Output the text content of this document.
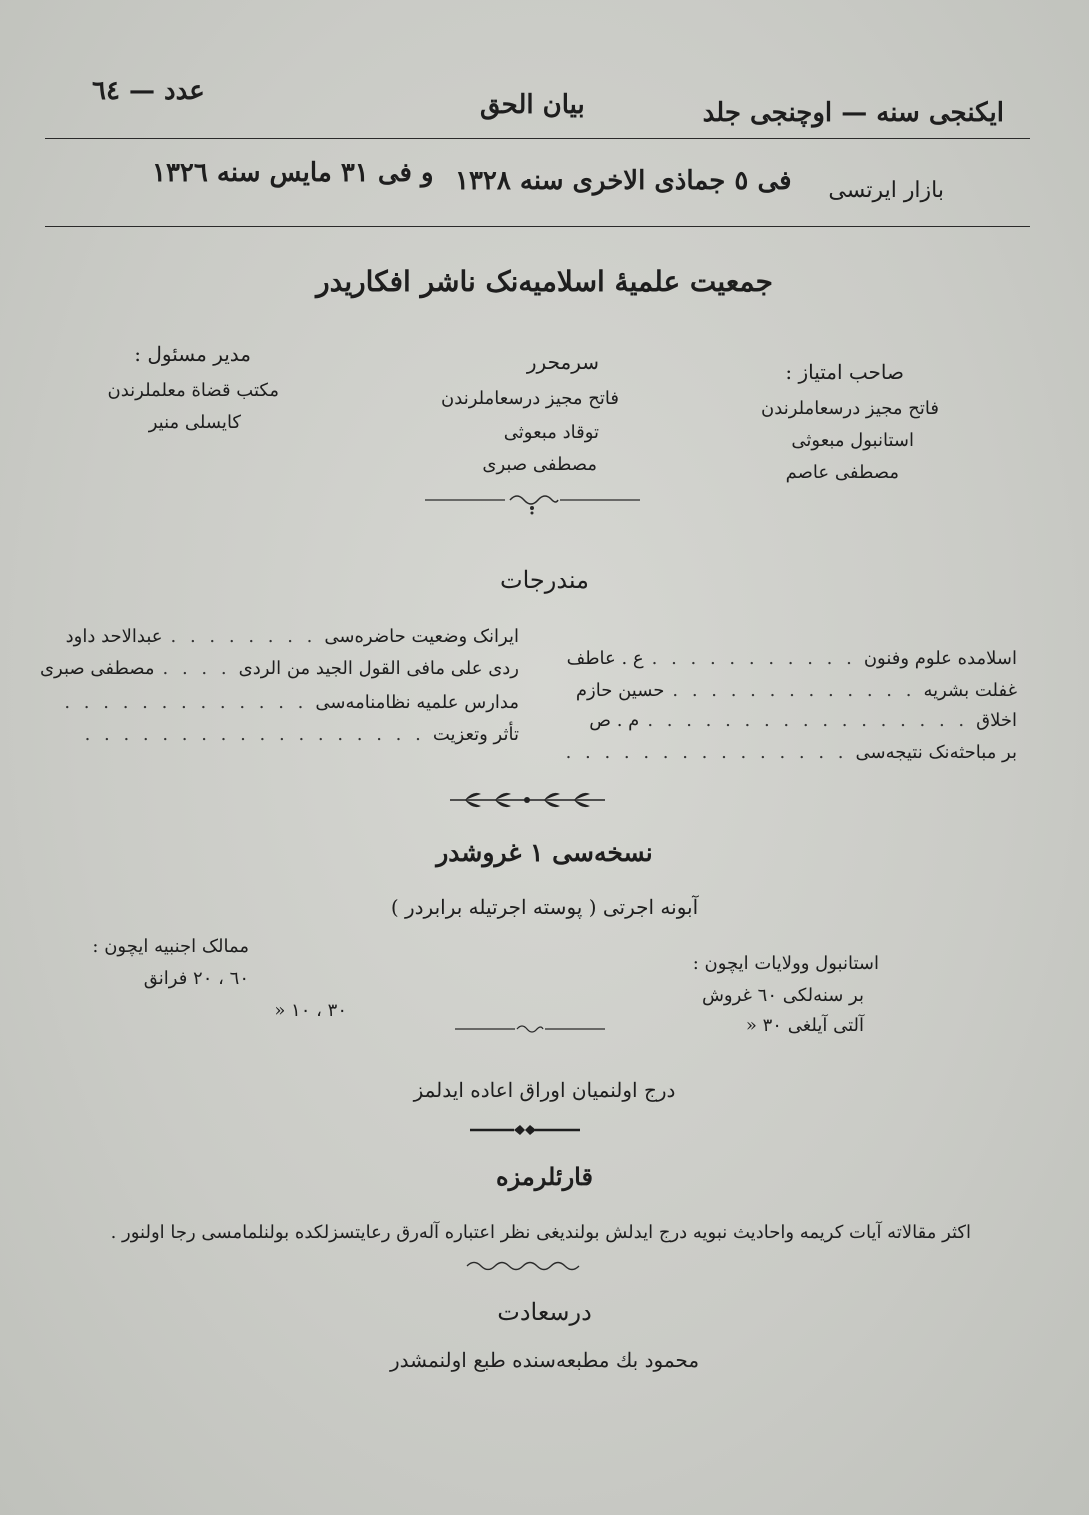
ایکنجی سنه — اوچنجی جلد
بیان الحق
عدد — ٦٤
بازار ایرتسی
فی ٥ جماذی الاخری سنه ١٣٢٨
و فی ٣١ مایس سنه ١٣٢٦
جمعیت علمیهٔ اسلامیه‌نک ناشر افکاریدر
صاحب امتیاز :
فاتح مجیز درسعاملرندن
استانبول مبعوثی
مصطفی عاصم
سرمحرر
فاتح مجیز درسعاملرندن
توقاد مبعوثی
مصطفی صبری
مدیر مسئول :
مکتب قضاة معلملرندن
کایسلی منیر
مندرجات
اسلامده علوم وفنون
. . . . . . . . . . .
ع . عاطف
غفلت بشریه
. . . . . . . . . . . . .
حسین حازم
اخلاق
. . . . . . . . . . . . . . . . .
م . ص
بر مباحثه‌نک نتیجه‌سی
. . . . . . . . . . . . . . .
ایرانک وضعیت حاضره‌سی
. . . . . . . .
عبدالاحد داود
ردی علی مافی القول الجید من الردی
. . . .
مصطفی صبری
مدارس علمیه نظامنامه‌سی
. . . . . . . . . . . . .
تأثر وتعزیت
. . . . . . . . . . . . . . . . . .
نسخه‌سی ١ غروشدر
آبونه اجرتی ( پوسته اجرتیله برابردر )
استانبول وولایات ایچون :
بر سنه‌لکی ٦٠ غروش
آلتی آیلغی ٣٠ «
ممالک اجنبیه ایچون :
٦٠ ، ٢٠ فرانق
٣٠ ، ١٠ «
درج اولنمیان اوراق اعاده ایدلمز
قارئلرمزه
اکثر مقالاته آیات کریمه واحادیث نبویه درج ایدلش بولندیغی نظر اعتباره آله‌رق رعایتسزلکده بولنلمامسی رجا اولنور .
درسعادت
محمود بك مطبعه‌سنده طبع اولنمشدر
